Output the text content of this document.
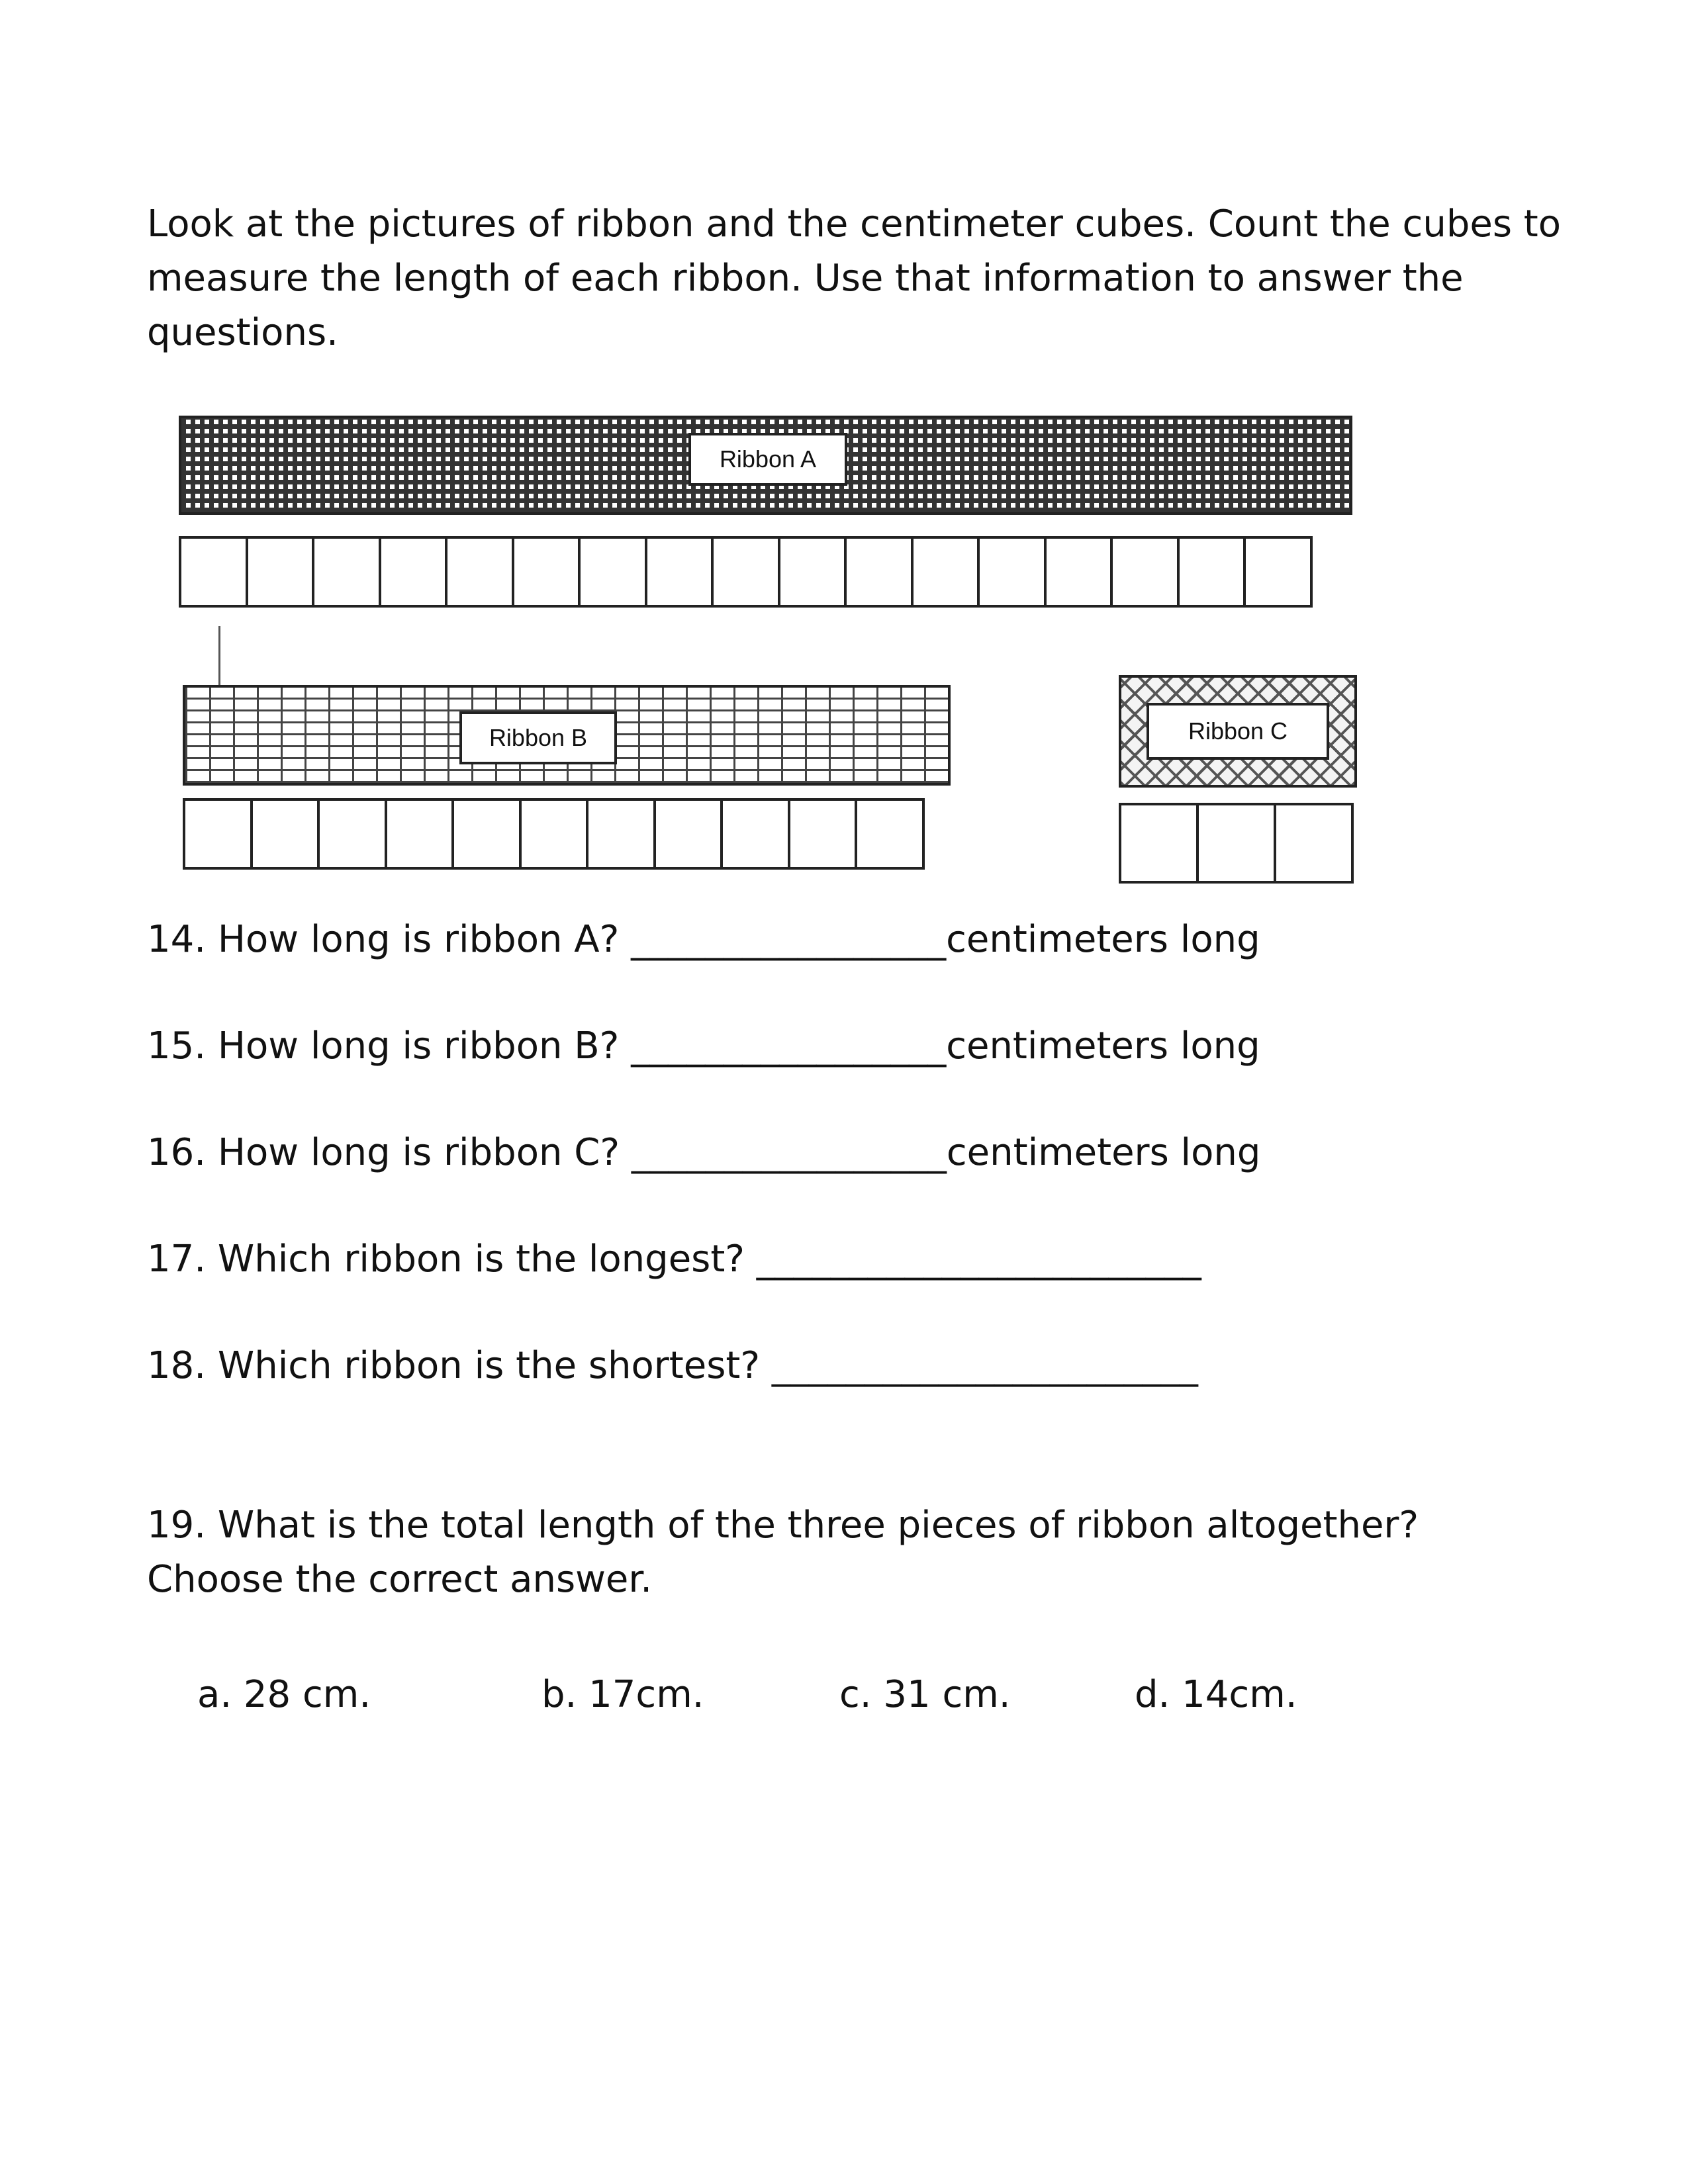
Look at the pictures of ribbon and the centimeter cubes. Count the cubes to measure the length of each ribbon. Use that information to answer the questions.
Ribbon A
Ribbon B	Ribbon C
14. How long is ribbon A? _________________centimeters long
15. How long is ribbon B? _________________centimeters long
16. How long is ribbon C? _________________centimeters long
17. Which ribbon is the longest? ________________________
18. Which ribbon is the shortest? _______________________
19. What is the total length of the three pieces of ribbon altogether?
Choose the correct answer.
a. 28 cm.	b. 17cm.	c. 31 cm.	d. 14cm.
